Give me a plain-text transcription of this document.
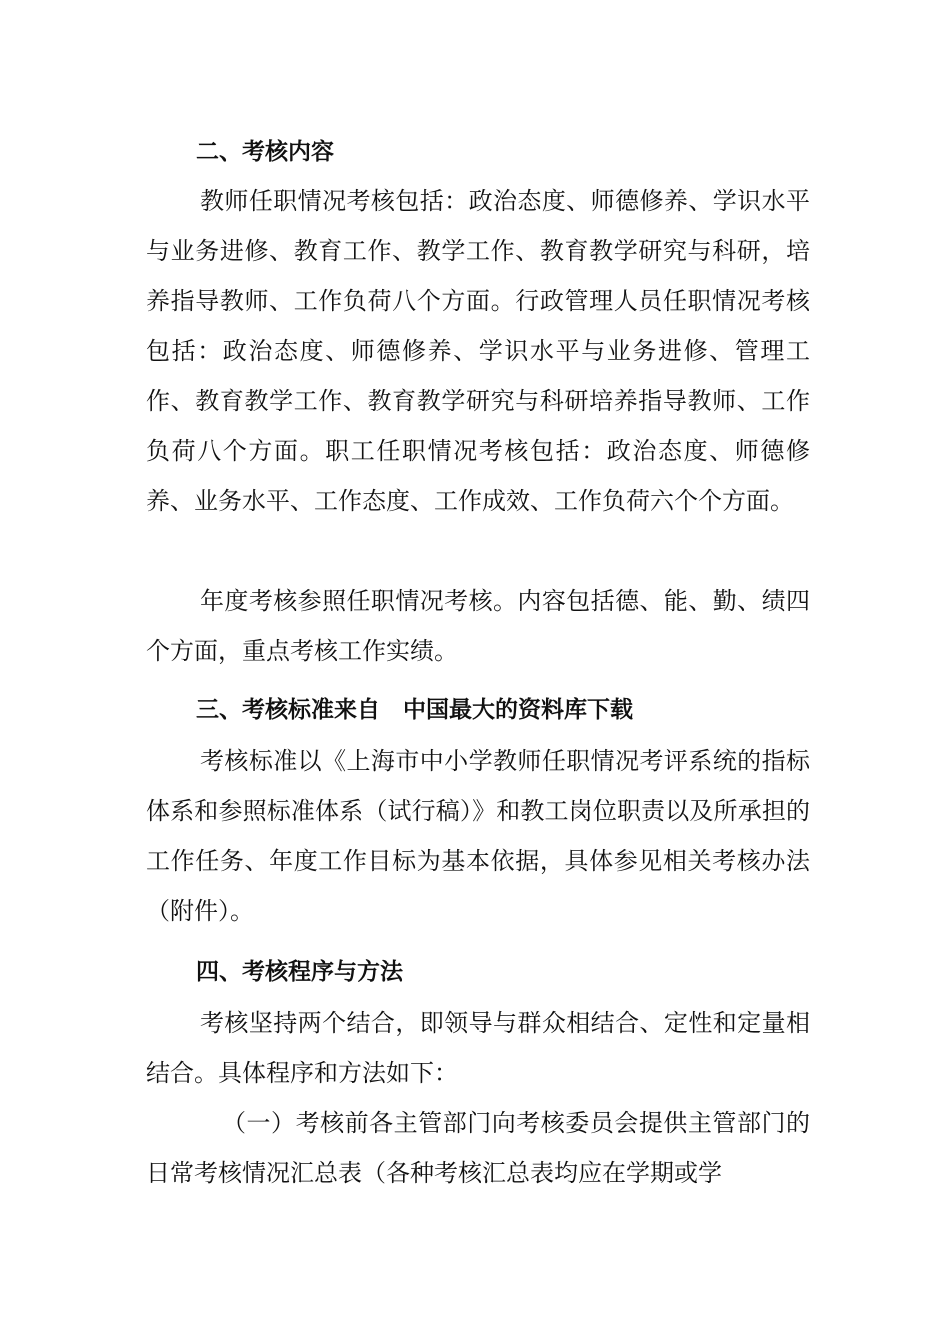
二、考核内容

教师任职情况考核包括：政治态度、师德修养、学识水平与业务进修、教育工作、教学工作、教育教学研究与科研，培养指导教师、工作负荷八个方面。行政管理人员任职情况考核包括：政治态度、师德修养、学识水平与业务进修、管理工作、教育教学工作、教育教学研究与科研培养指导教师、工作负荷八个方面。职工任职情况考核包括：政治态度、师德修养、业务水平、工作态度、工作成效、工作负荷六个个方面。

年度考核参照任职情况考核。内容包括德、能、勤、绩四个方面，重点考核工作实绩。

三、考核标准来自　中国最大的资料库下载

考核标准以《上海市中小学教师任职情况考评系统的指标体系和参照标准体系（试行稿）》和教工岗位职责以及所承担的工作任务、年度工作目标为基本依据，具体参见相关考核办法（附件）。

四、考核程序与方法

考核坚持两个结合，即领导与群众相结合、定性和定量相结合。具体程序和方法如下：

（一）考核前各主管部门向考核委员会提供主管部门的日常考核情况汇总表（各种考核汇总表均应在学期或学
